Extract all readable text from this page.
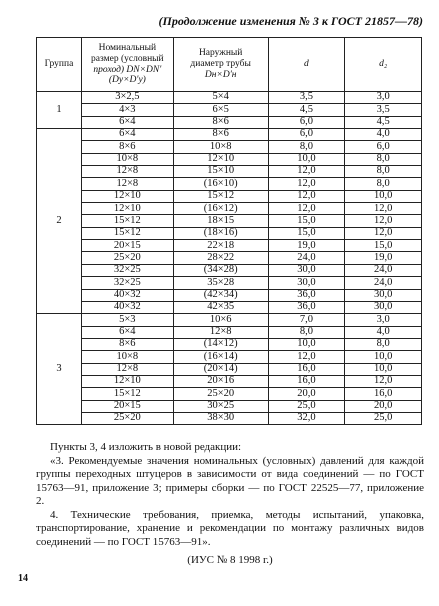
(Продолжение изменения № 3 к ГОСТ 21857—78)
Группа	Номинальный
размер (условный
проход) DN×DN′
(Dу×D′у)	Наружный
диаметр трубы
Dн×D′н	d	d₂
1	3×2,5	5×4	3,5	3,0
	4×3	6×5	4,5	3,5
	6×4	8×6	6,0	4,5
2	6×4	8×6	6,0	4,0
	8×6	10×8	8,0	6,0
	10×8	12×10	10,0	8,0
	12×8	15×10	12,0	8,0
	12×8	(16×10)	12,0	8,0
	12×10	15×12	12,0	10,0
	12×10	(16×12)	12,0	12,0
	15×12	18×15	15,0	12,0
	15×12	(18×16)	15,0	12,0
	20×15	22×18	19,0	15,0
	25×20	28×22	24,0	19,0
	32×25	(34×28)	30,0	24,0
	32×25	35×28	30,0	24,0
	40×32	(42×34)	36,0	30,0
	40×32	42×35	36,0	30,0
3	5×3	10×6	7,0	3,0
	6×4	12×8	8,0	4,0
	8×6	(14×12)	10,0	8,0
	10×8	(16×14)	12,0	10,0
	12×8	(20×14)	16,0	10,0
	12×10	20×16	16,0	12,0
	15×12	25×20	20,0	16,0
	20×15	30×25	25,0	20,0
	25×20	38×30	32,0	25,0

Пункты 3, 4 изложить в новой редакции:

«3. Рекомендуемые значения номинальных (условных) давлений для каждой группы переходных штуцеров в зависимости от вида соединений — по ГОСТ 15763—91, приложение 3; примеры сборки — по ГОСТ 22525—77, приложение 2.

4. Технические требования, приемка, методы испытаний, упаковка, транспортирование, хранение и рекомендации по монтажу различных видов соединений — по ГОСТ 15763—91».

(ИУС № 8 1998 г.)

14
